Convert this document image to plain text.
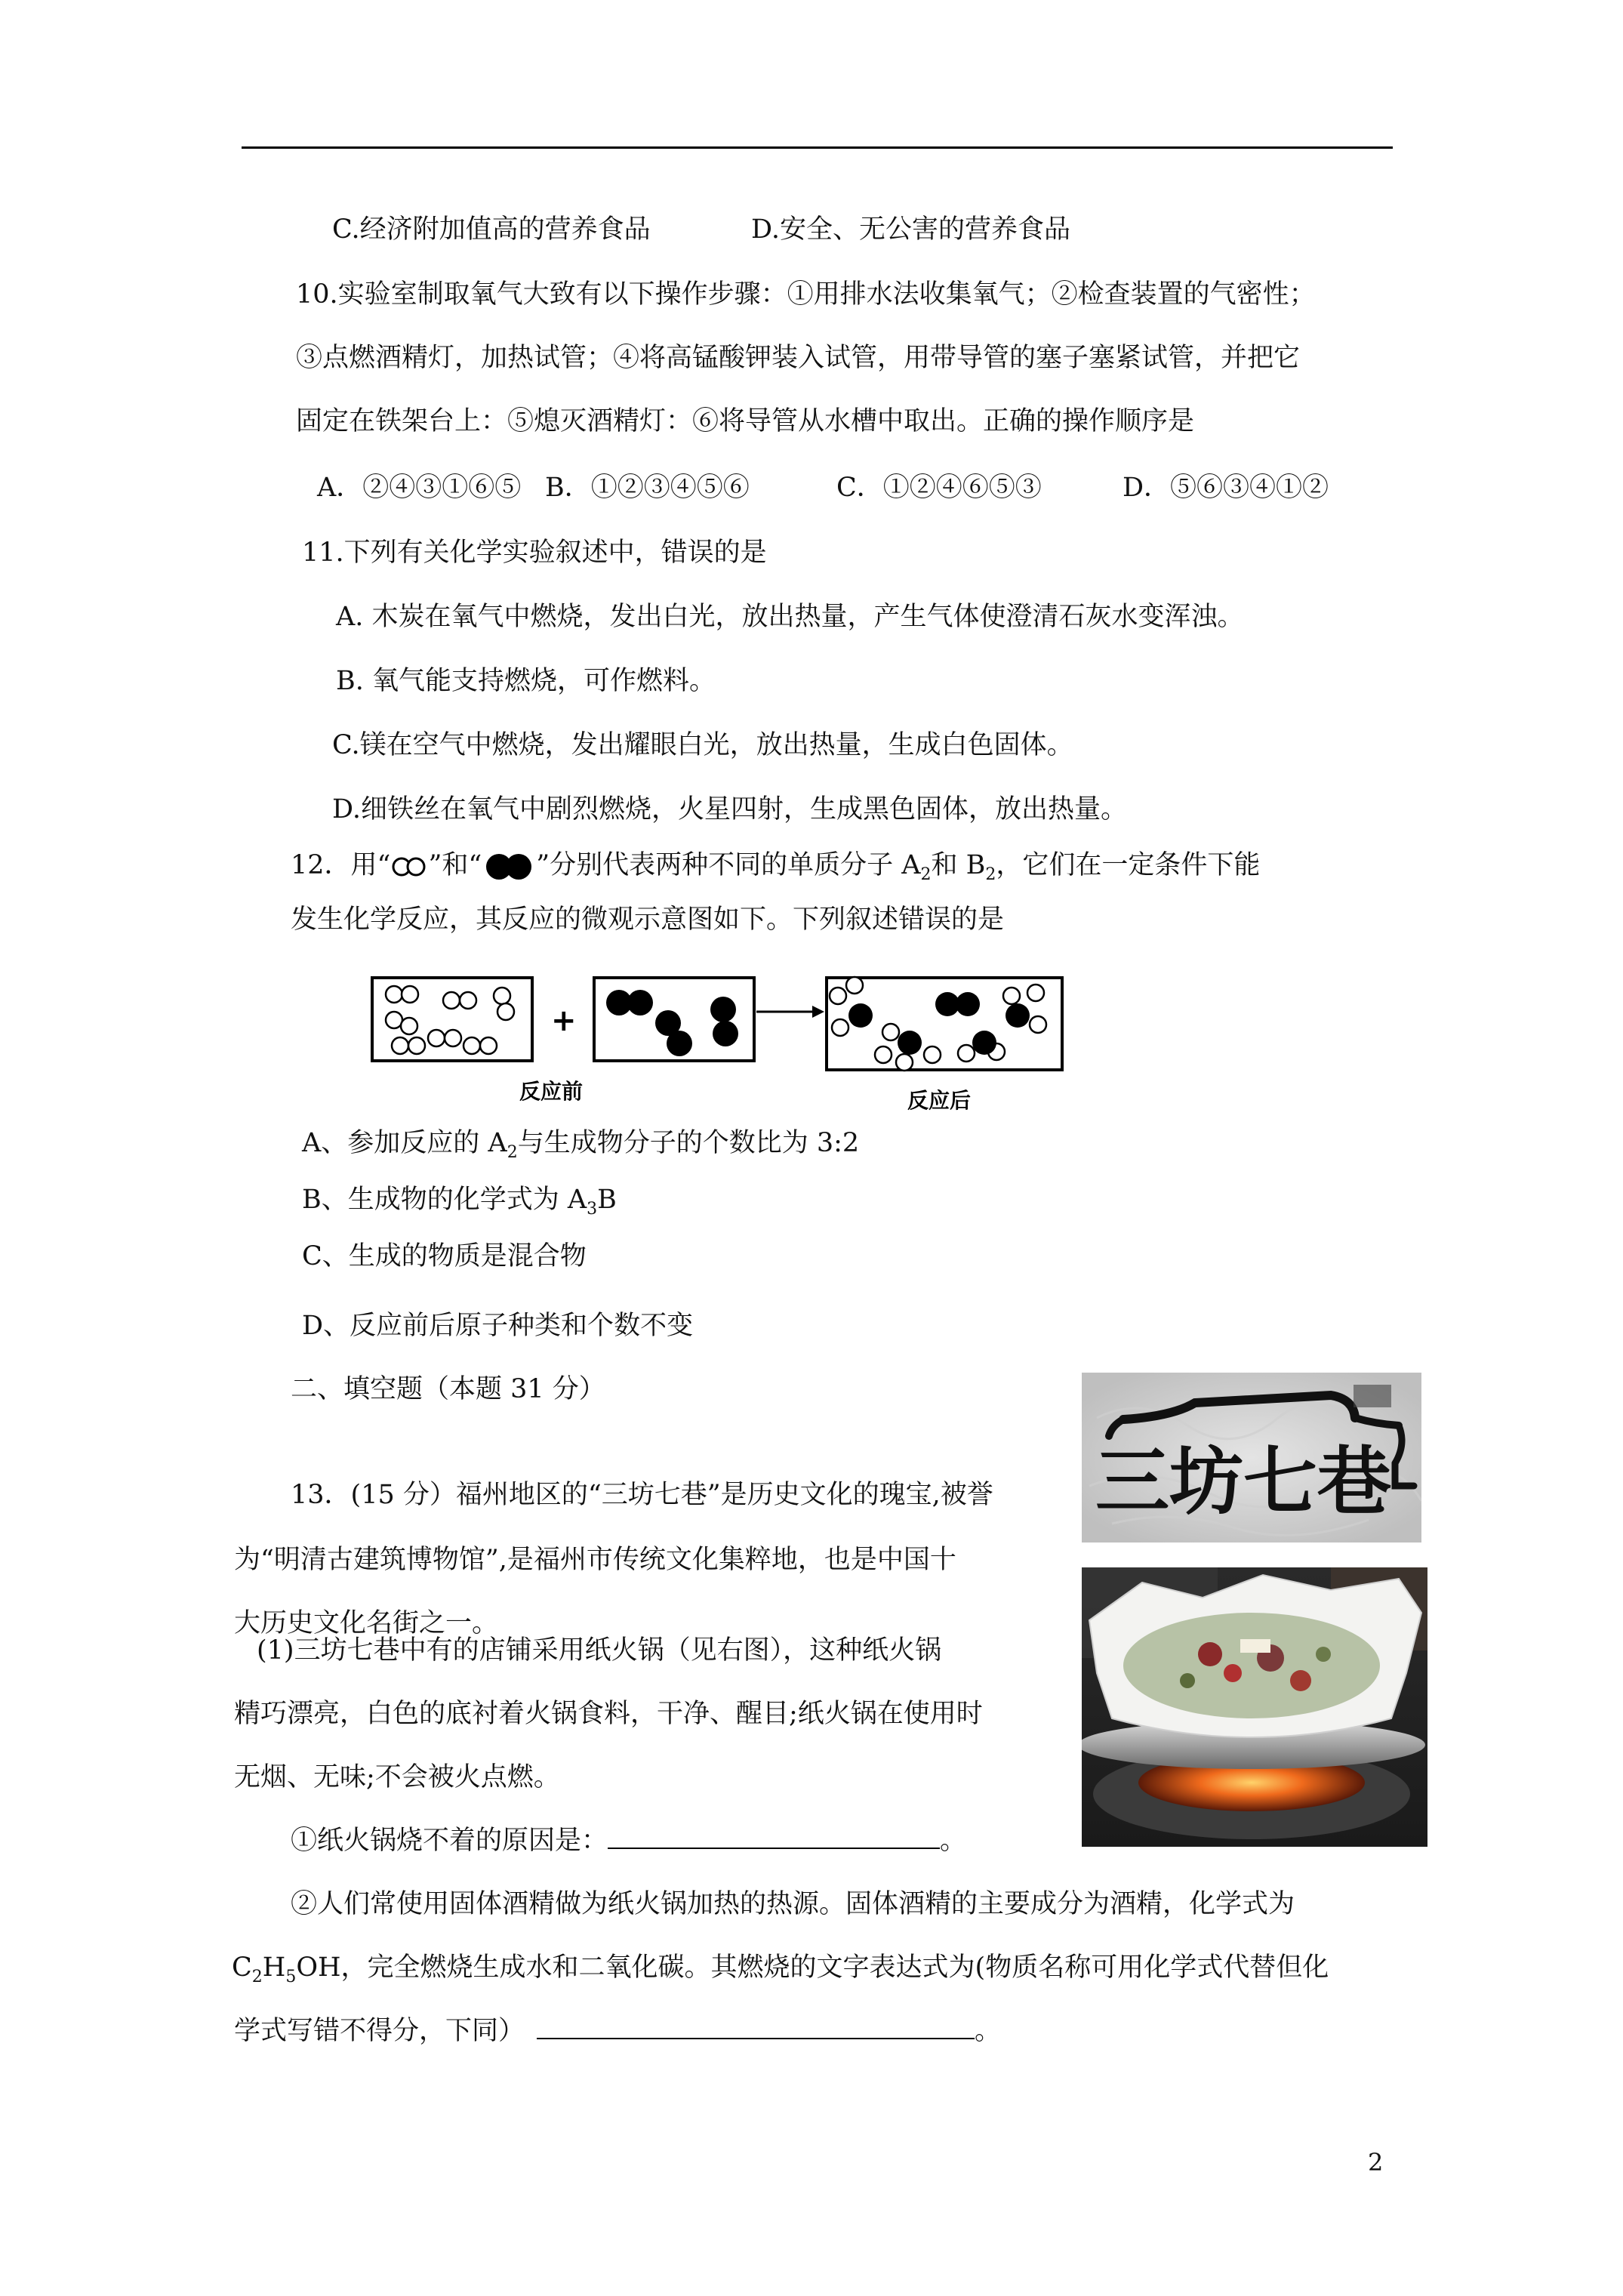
C.经济附加值高的营养食品	D.安全、无公害的营养食品
10.实验室制取氧气大致有以下操作步骤：①用排水法收集氧气；②检查装置的气密性；
③点燃酒精灯，加热试管；④将高锰酸钾装入试管，用带导管的塞子塞紧试管，并把它
固定在铁架台上：⑤熄灭酒精灯：⑥将导管从水槽中取出。正确的操作顺序是
A．②④③①⑥⑤ B．①②③④⑤⑥	C．①②④⑥⑤③	D．⑤⑥③④①②
11.下列有关化学实验叙述中，错误的是
A. 木炭在氧气中燃烧，发出白光，放出热量，产生气体使澄清石灰水变浑浊。
B. 氧气能支持燃烧，可作燃料。
C.镁在空气中燃烧，发出耀眼白光，放出热量，生成白色固体。
D.细铁丝在氧气中剧烈燃烧，火星四射，生成黑色固体，放出热量。
12．用“ ”和“ ”分别代表两种不同的单质分子 $A_2$和 $B_2$，它们在一定条件下能
发生化学反应，其反应的微观示意图如下。下列叙述错误的是
+
反应前	反应后
A、参加反应的 $A_2$与生成物分子的个数比为 3:2
B、生成物的化学式为 $A_3B$
C、生成的物质是混合物
D、反应前后原子种类和个数不变
二、填空题（本题 31 分）
13．(15 分）福州地区的“三坊七巷”是历史文化的瑰宝,被誉
为“明清古建筑博物馆”,是福州市传统文化集粹地，也是中国十
大历史文化名街之一。
(1)三坊七巷中有的店铺采用纸火锅（见右图），这种纸火锅
精巧漂亮，白色的底衬着火锅食料，干净、醒目;纸火锅在使用时
无烟、无味;不会被火点燃。
①纸火锅烧不着的原因是：	。
②人们常使用固体酒精做为纸火锅加热的热源。固体酒精的主要成分为酒精，化学式为
$C_2H_5OH$，完全燃烧生成水和二氧化碳。其燃烧的文字表达式为(物质名称可用化学式代替但化
学式写错不得分，下同）	。
三坊七巷
2
